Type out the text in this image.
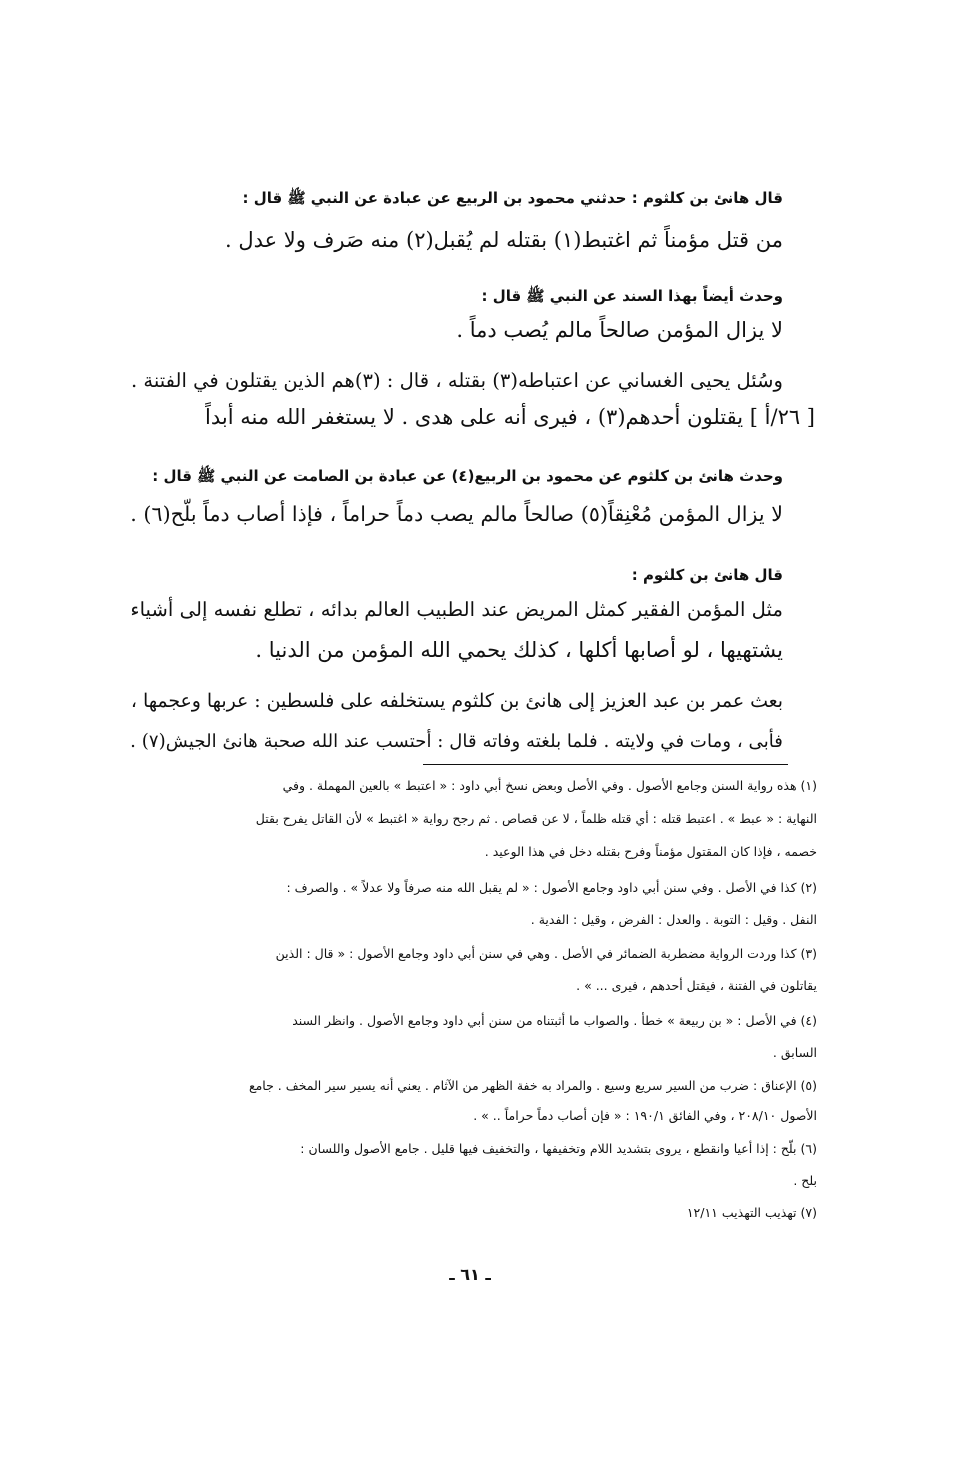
قال هانئ بن كلثوم : حدثني محمود بن الربيع عن عبادة عن النبي ﷺ قال :
من قتل مؤمناً ثم اغتبط(١) بقتله لم يُقبل(٢) منه صَرف ولا عدل .
وحدث أيضاً بهذا السند عن النبي ﷺ قال :
لا يزال المؤمن صالحاً مالم يُصب دماً .
وسُئل يحيى الغساني عن اعتباطه(٣) بقتله ، قال : (٣)هم الذين يقتلون في الفتنة .
[ ٢٦/أ ] يقتلون أحدهم(٣) ، فيرى أنه على هدى . لا يستغفر الله منه أبداً
وحدث هانئ بن كلثوم عن محمود بن الربيع(٤) عن عبادة بن الصامت عن النبي ﷺ قال :
لا يزال المؤمن مُعْنِقاً(٥) صالحاً مالم يصب دماً حراماً ، فإذا أصاب دماً بلّح(٦) .
قال هانئ بن كلثوم :
مثل المؤمن الفقير كمثل المريض عند الطبيب العالم بدائه ، تطلع نفسه إلى أشياء
يشتهيها ، لو أصابها أكلها ، كذلك يحمي الله المؤمن من الدنيا .
بعث عمر بن عبد العزيز إلى هانئ بن كلثوم يستخلفه على فلسطين : عربها وعجمها ،
فأبى ، ومات في ولايته . فلما بلغته وفاته قال : أحتسب عند الله صحبة هانئ الجيش(٧) .
(١) هذه رواية السنن وجامع الأصول . وفي الأصل وبعض نسخ أبي داود : « اعتبط » بالعين المهملة . وفي
النهاية : « عبط » . اعتبط قتله : أي قتله ظلماً ، لا عن قصاص . ثم رجح رواية « اغتبط » لأن القاتل يفرح بقتل
خصمه ، فإذا كان المقتول مؤمناً وفرح بقتله دخل في هذا الوعيد .
(٢) كذا في الأصل . وفي سنن أبي داود وجامع الأصول : « لم يقبل الله منه صرفاً ولا عدلاً » . والصرف :
النفل . وقيل : التوبة . والعدل : الفرض ، وقيل : الفدية .
(٣) كذا وردت الرواية مضطربة الضمائر في الأصل . وهي في سنن أبي داود وجامع الأصول : « قال : الذين
يقاتلون في الفتنة ، فيقتل أحدهم ، فيرى ... » .
(٤) في الأصل : « بن ربيعة » خطأ . والصواب ما أثبتناه من سنن أبي داود وجامع الأصول . وانظر السند
السابق .
(٥) الإعناق : ضرب من السير سريع وسيع . والمراد به خفة الظهر من الآثام . يعني أنه يسير سير المخف . جامع
الأصول ٢٠٨/١٠ ، وفي الفائق ١٩٠/١ : « فإن أصاب دماً حراماً .. » .
(٦) بلّح : إذا أعيا وانقطع ، يروى بتشديد اللام وتخفيفها ، والتخفيف فيها قليل . جامع الأصول واللسان :
بلح .
(٧) تهذيب التهذيب ١٢/١١
ـ ٦١ ـ
